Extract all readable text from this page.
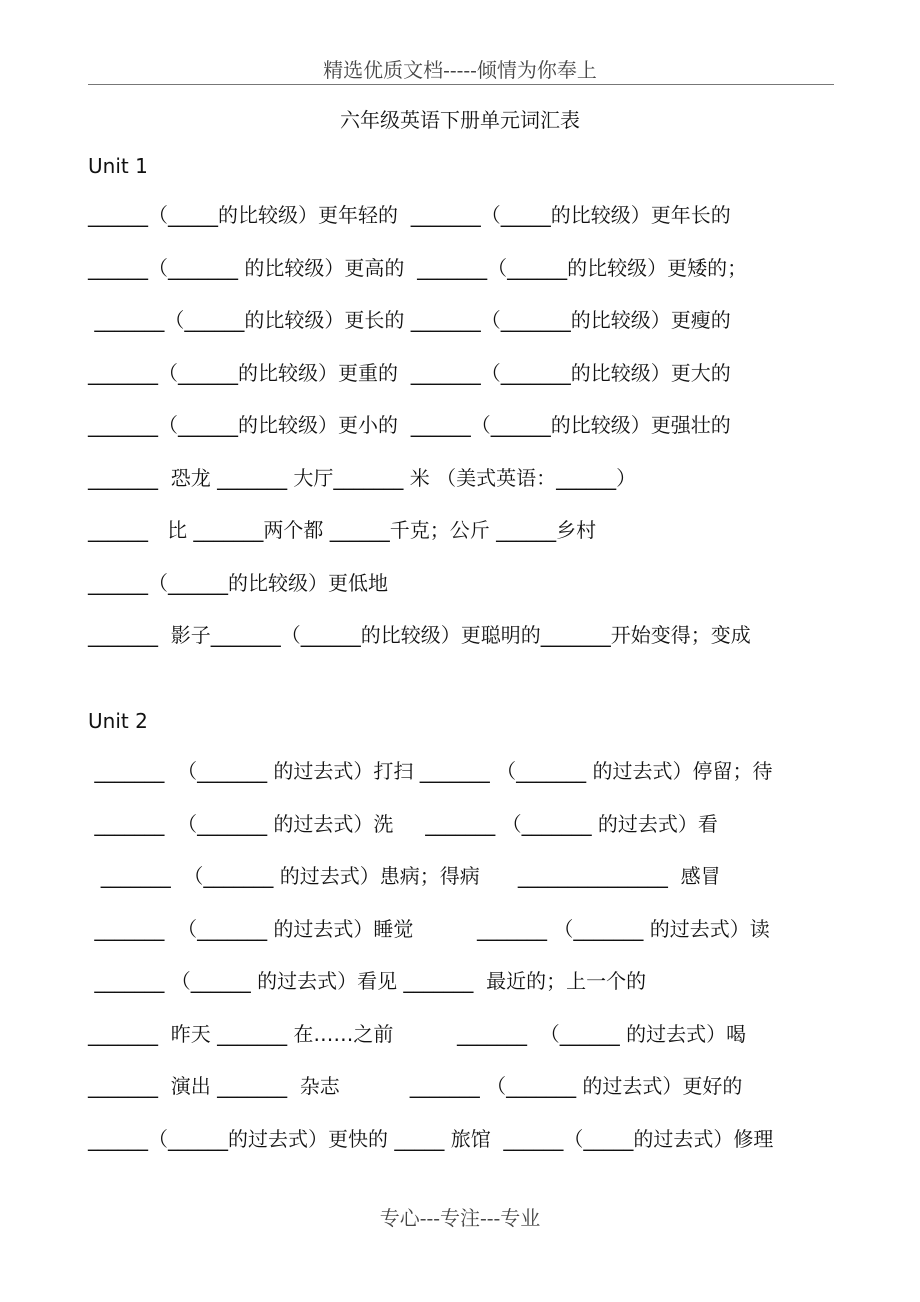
精选优质文档-----倾情为你奉上
六年级英语下册单元词汇表
Unit 1
______（_____的比较级）更年轻的  _______（_____的比较级）更年长的
______（_______ 的比较级）更高的  _______（______的比较级）更矮的；
_______（______的比较级）更长的 _______（_______的比较级）更瘦的
_______（______的比较级）更重的  _______（_______的比较级）更大的
_______（______的比较级）更小的  ______（______的比较级）更强壮的
_______  恐龙 _______ 大厅_______ 米 （美式英语：______）
______   比 _______两个都 ______千克；公斤 ______乡村
______（______的比较级）更低地
_______  影子_______（______的比较级）更聪明的_______开始变得；变成
Unit 2
_______  （_______ 的过去式）打扫 _______ （_______ 的过去式）停留；待
_______  （_______ 的过去式）洗     _______ （_______ 的过去式）看
_______  （_______ 的过去式）患病；得病      _______________  感冒
_______  （_______ 的过去式）睡觉          _______ （_______ 的过去式）读
_______ （______ 的过去式）看见 _______  最近的；上一个的
_______  昨天 _______ 在……之前          _______  （______ 的过去式）喝
_______  演出 _______  杂志           _______ （_______ 的过去式）更好的
______（______的过去式）更快的 _____ 旅馆  ______（_____的过去式）修理
专心---专注---专业
